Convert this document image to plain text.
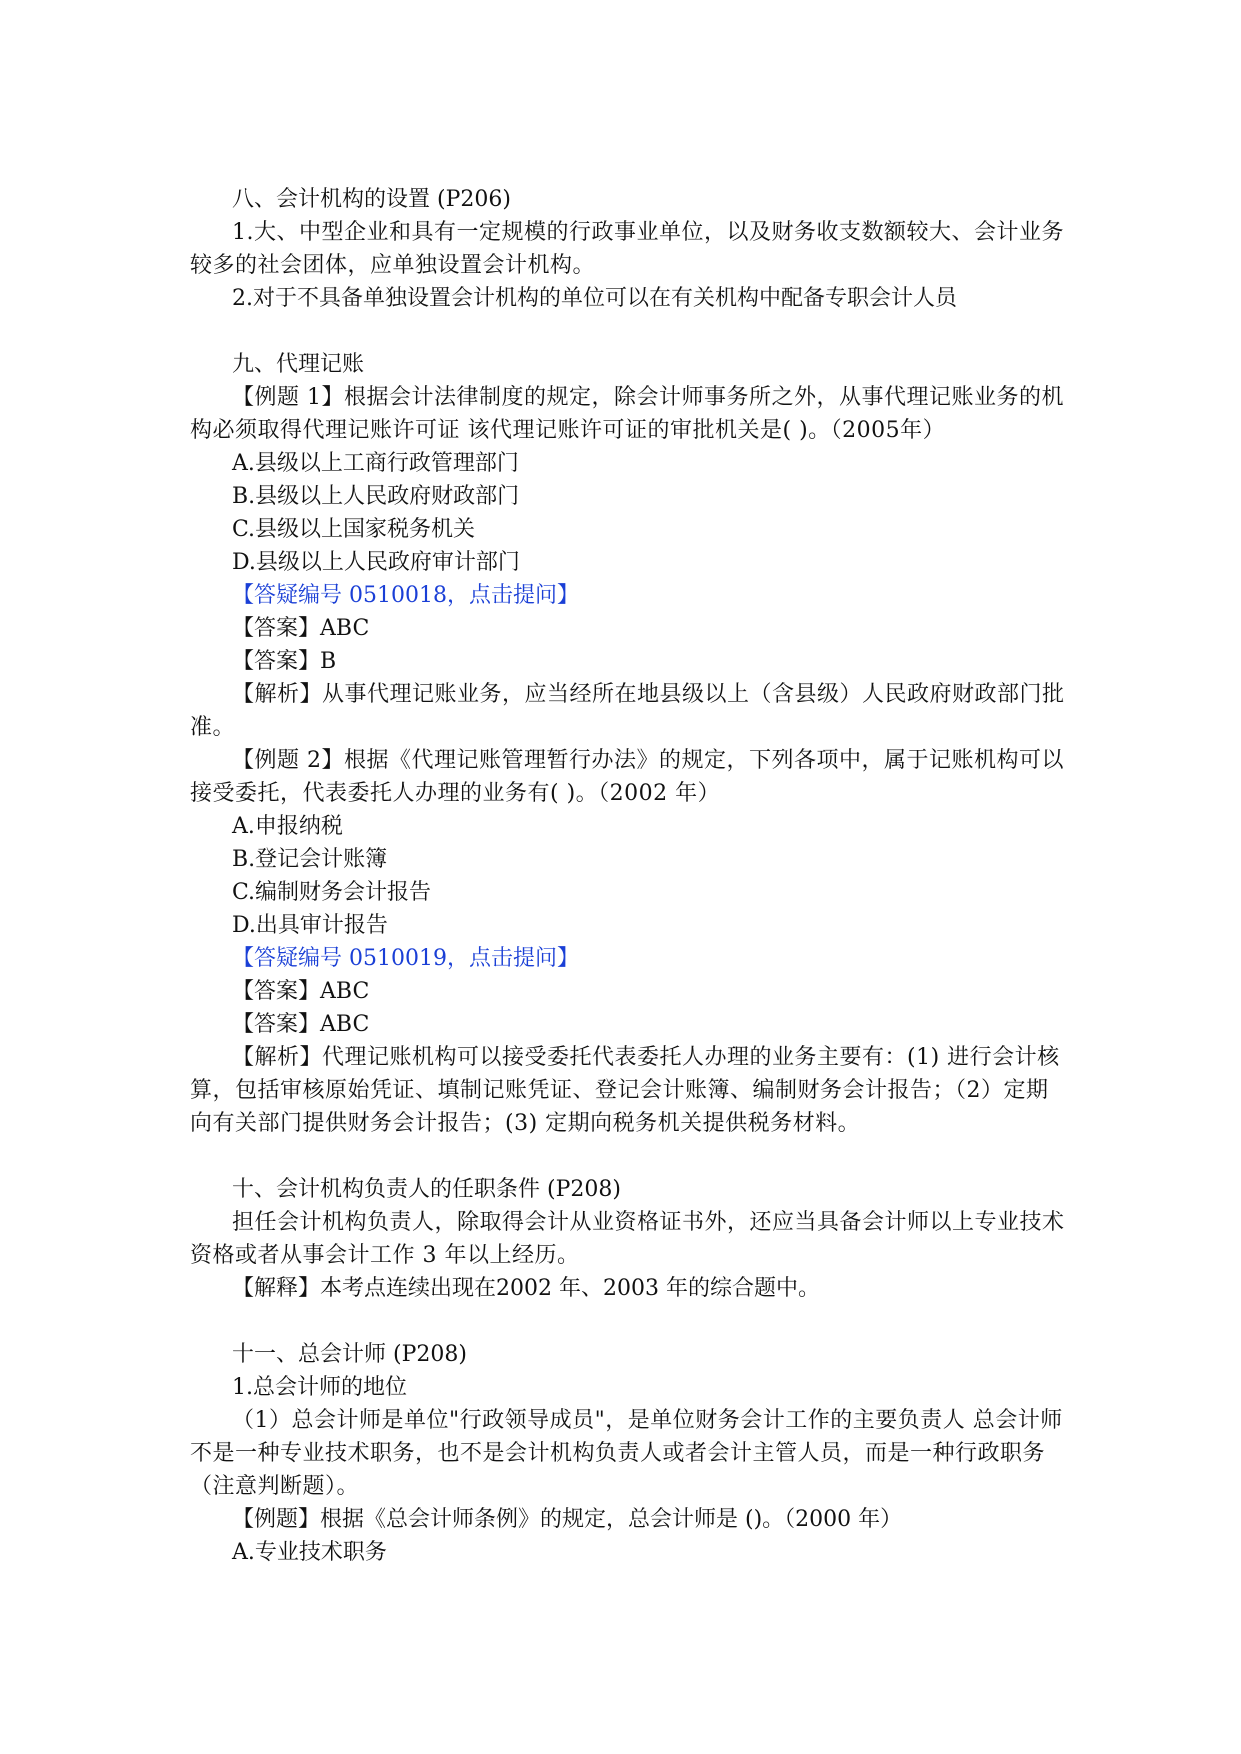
八、会计机构的设置 (P206)

1.大、中型企业和具有一定规模的行政事业单位，以及财务收支数额较大、会计业务较多的社会团体，应单独设置会计机构。

2.对于不具备单独设置会计机构的单位可以在有关机构中配备专职会计人员

九、代理记账

【例题 1】根据会计法律制度的规定，除会计师事务所之外，从事代理记账业务的机构必须取得代理记账许可证 该代理记账许可证的审批机关是( )。（2005年）

A.县级以上工商行政管理部门

B.县级以上人民政府财政部门

C.县级以上国家税务机关

D.县级以上人民政府审计部门

【答疑编号 0510018，点击提问】

【答案】ABC

【答案】B

【解析】从事代理记账业务，应当经所在地县级以上（含县级）人民政府财政部门批准。

【例题 2】根据《代理记账管理暂行办法》的规定，下列各项中，属于记账机构可以接受委托，代表委托人办理的业务有( )。（2002 年）

A.申报纳税

B.登记会计账簿

C.编制财务会计报告

D.出具审计报告

【答疑编号 0510019，点击提问】

【答案】ABC

【答案】ABC

【解析】代理记账机构可以接受委托代表委托人办理的业务主要有：(1) 进行会计核算，包括审核原始凭证、填制记账凭证、登记会计账簿、编制财务会计报告；（2）定期向有关部门提供财务会计报告；(3) 定期向税务机关提供税务材料。

十、会计机构负责人的任职条件 (P208)

担任会计机构负责人，除取得会计从业资格证书外，还应当具备会计师以上专业技术资格或者从事会计工作 3 年以上经历。

【解释】本考点连续出现在2002 年、2003 年的综合题中。

十一、总会计师 (P208)

1.总会计师的地位

（1）总会计师是单位"行政领导成员"，是单位财务会计工作的主要负责人 总会计师不是一种专业技术职务，也不是会计机构负责人或者会计主管人员，而是一种行政职务（注意判断题）。

【例题】根据《总会计师条例》的规定，总会计师是 ()。（2000 年）

A.专业技术职务
